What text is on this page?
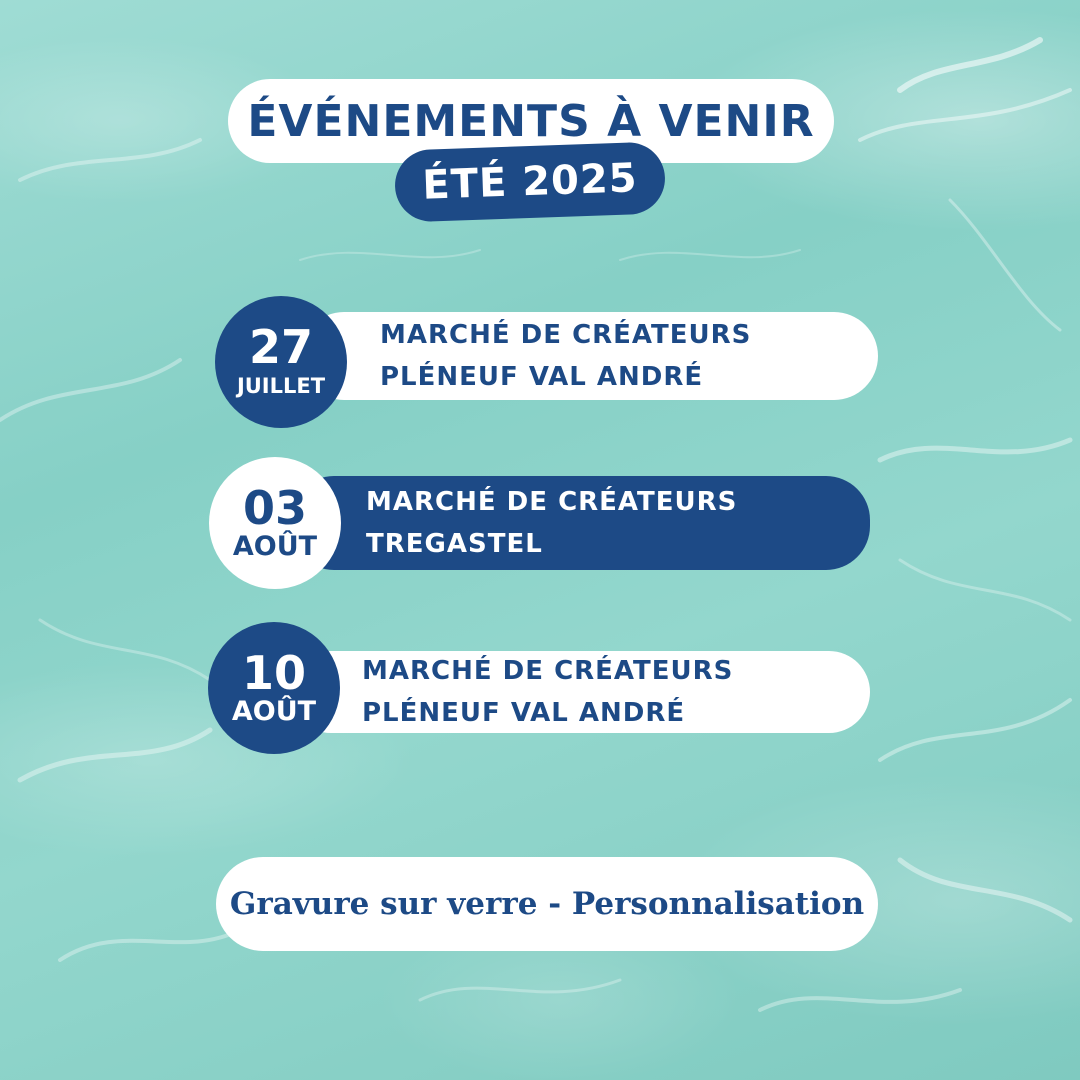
ÉVÉNEMENTS À VENIR
ÉTÉ 2025
MARCHÉ DE CRÉATEURS
PLÉNEUF VAL ANDRÉ
27
JUILLET
MARCHÉ DE CRÉATEURS
TREGASTEL
03
AOÛT
MARCHÉ DE CRÉATEURS
PLÉNEUF VAL ANDRÉ
10
AOÛT
Gravure sur verre - Personnalisation
